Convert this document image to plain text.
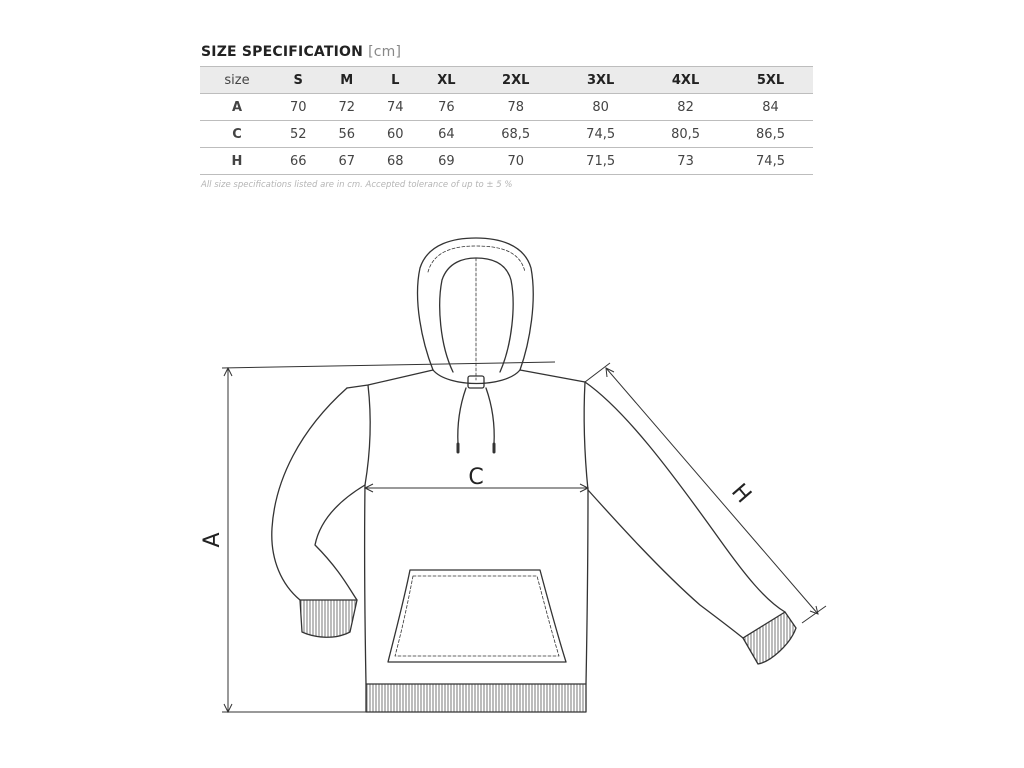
SIZE SPECIFICATION [cm]
size	S	M	L	XL	2XL	3XL	4XL	5XL
A	70	72	74	76	78	80	82	84
C	52	56	60	64	68,5	74,5	80,5	86,5
H	66	67	68	69	70	71,5	73	74,5
All size specifications listed are in cm. Accepted tolerance of up to ± 5 %
A
C
H
